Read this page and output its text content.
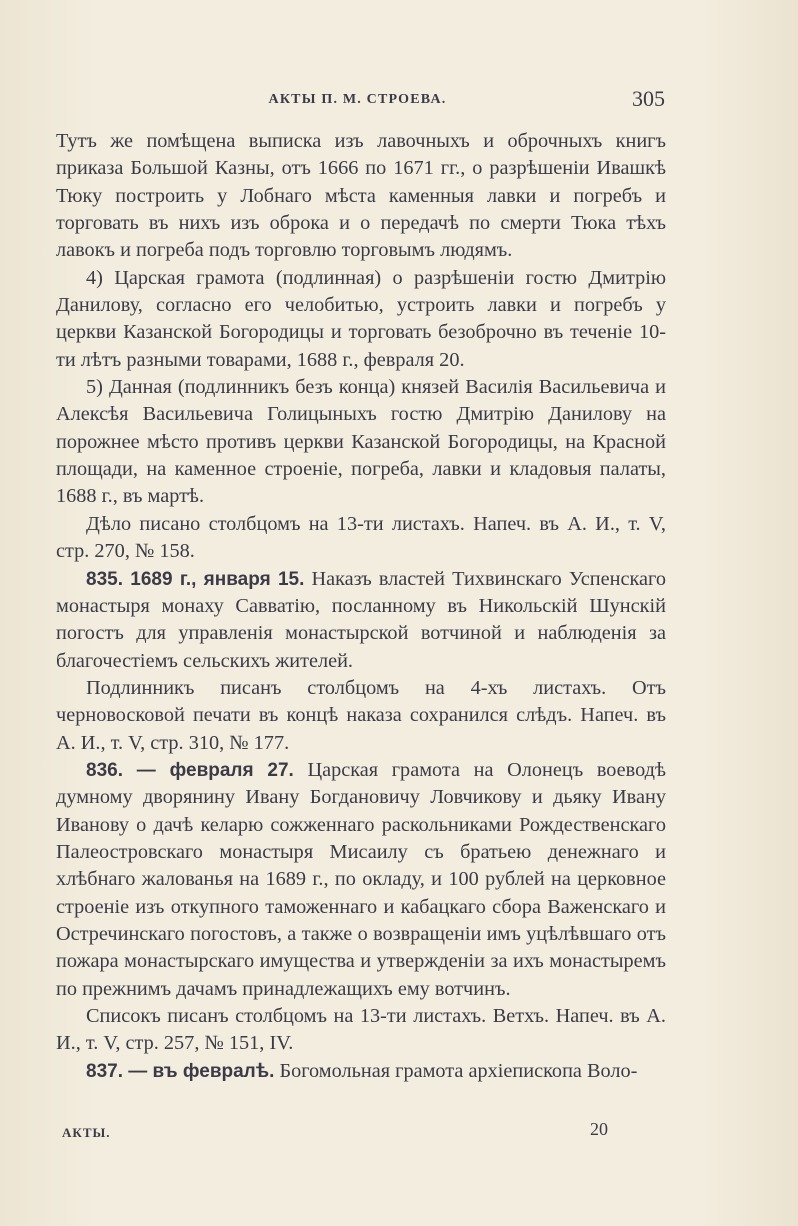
АКТЫ П. М. СТРОЕВА.	305

Тутъ же помѣщена выписка изъ лавочныхъ и оброчныхъ книгъ приказа Большой Казны, отъ 1666 по 1671 гг., о разрѣшеніи Ивашкѣ Тюку построить у Лобнаго мѣста каменныя лавки и погребъ и торговать въ нихъ изъ оброка и о передачѣ по смерти Тюка тѣхъ лавокъ и погреба подъ торговлю торговымъ людямъ.

4) Царская грамота (подлинная) о разрѣшеніи гостю Дмитрію Данилову, согласно его челобитью, устроить лавки и погребъ у церкви Казанской Богородицы и торговать безоброчно въ теченіе 10-ти лѣтъ разными товарами, 1688 г., февраля 20.

5) Данная (подлинникъ безъ конца) князей Василія Васильевича и Алексѣя Васильевича Голицыныхъ гостю Дмитрію Данилову на порожнее мѣсто противъ церкви Казанской Богородицы, на Красной площади, на каменное строеніе, погреба, лавки и кладовыя палаты, 1688 г., въ мартѣ.

Дѣло писано столбцомъ на 13-ти листахъ. Напеч. въ А. И., т. V, стр. 270, № 158.

835. 1689 г., января 15. Наказъ властей Тихвинскаго Успенскаго монастыря монаху Савватію, посланному въ Никольскій Шунскій погостъ для управленія монастырской вотчиной и наблюденія за благочестіемъ сельскихъ жителей.

Подлинникъ писанъ столбцомъ на 4-хъ листахъ. Отъ черновосковой печати въ концѣ наказа сохранился слѣдъ. Напеч. въ А. И., т. V, стр. 310, № 177.

836. — февраля 27. Царская грамота на Олонецъ воеводѣ думному дворянину Ивану Богдановичу Ловчикову и дьяку Ивану Иванову о дачѣ келарю сожженнаго раскольниками Рождественскаго Палеостровскаго монастыря Мисаилу съ братьею денежнаго и хлѣбнаго жалованья на 1689 г., по окладу, и 100 рублей на церковное строеніе изъ откупного таможеннаго и кабацкаго сбора Важенскаго и Остречинскаго погостовъ, а также о возвращеніи имъ уцѣлѣвшаго отъ пожара монастырскаго имущества и утвержденіи за ихъ монастыремъ по прежнимъ дачамъ принадлежащихъ ему вотчинъ.

Списокъ писанъ столбцомъ на 13-ти листахъ. Ветхъ. Напеч. въ А. И., т. V, стр. 257, № 151, IV.

837. — въ февралѣ. Богомольная грамота архіепископа Воло-

АКТЫ.	20
